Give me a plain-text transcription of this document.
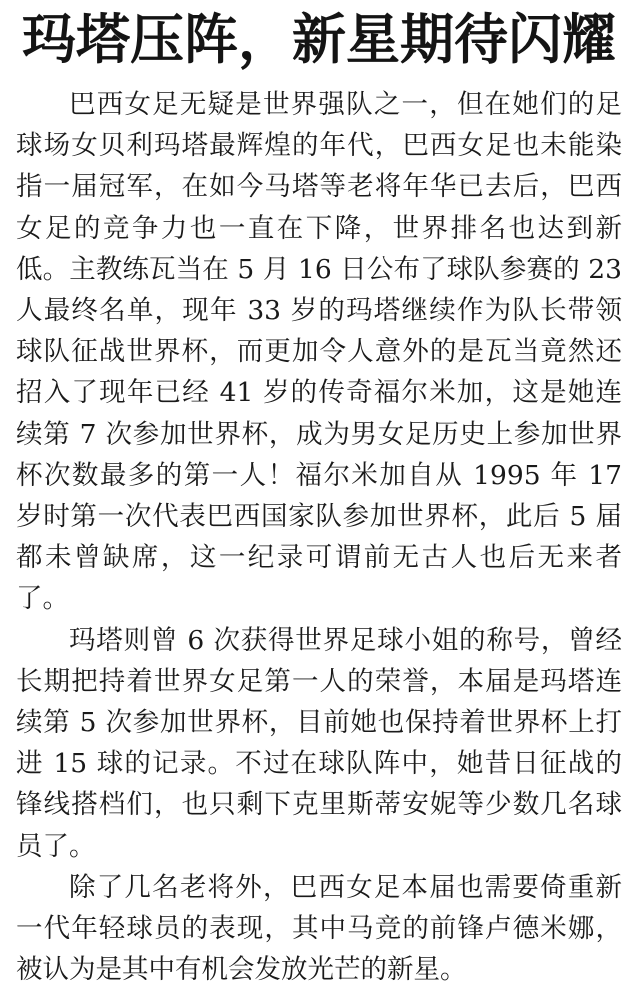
玛塔压阵，新星期待闪耀

巴西女足无疑是世界强队之一，但在她们的足球场女贝利玛塔最辉煌的年代，巴西女足也未能染指一届冠军，在如今马塔等老将年华已去后，巴西女足的竞争力也一直在下降，世界排名也达到新低。主教练瓦当在 5 月 16 日公布了球队参赛的 23 人最终名单，现年 33 岁的玛塔继续作为队长带领球队征战世界杯，而更加令人意外的是瓦当竟然还招入了现年已经 41 岁的传奇福尔米加，这是她连续第 7 次参加世界杯，成为男女足历史上参加世界杯次数最多的第一人！福尔米加自从 1995 年 17 岁时第一次代表巴西国家队参加世界杯，此后 5 届都未曾缺席，这一纪录可谓前无古人也后无来者了。

玛塔则曾 6 次获得世界足球小姐的称号，曾经长期把持着世界女足第一人的荣誉，本届是玛塔连续第 5 次参加世界杯，目前她也保持着世界杯上打进 15 球的记录。不过在球队阵中，她昔日征战的锋线搭档们，也只剩下克里斯蒂安妮等少数几名球员了。

除了几名老将外，巴西女足本届也需要倚重新一代年轻球员的表现，其中马竞的前锋卢德米娜，被认为是其中有机会发放光芒的新星。
